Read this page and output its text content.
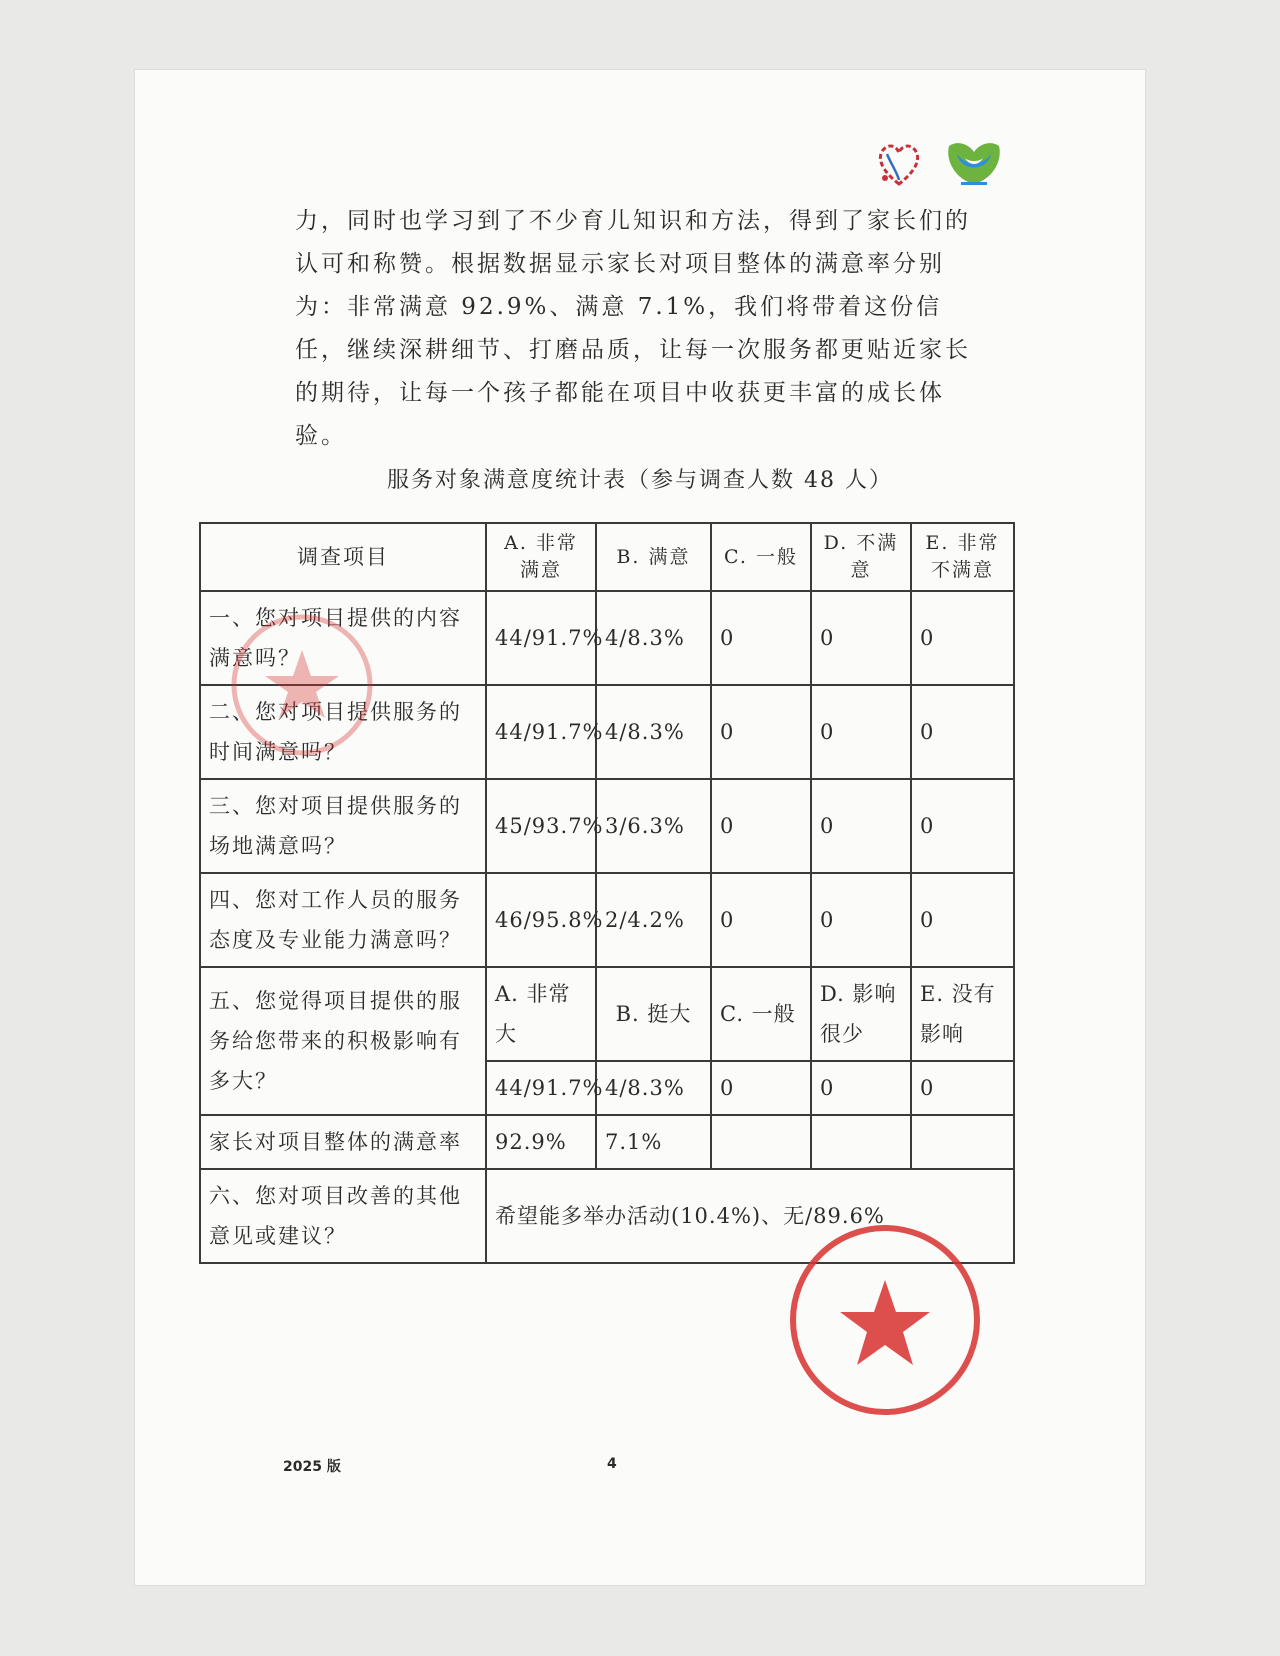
力，同时也学习到了不少育儿知识和方法，得到了家长们的认可和称赞。根据数据显示家长对项目整体的满意率分别为：非常满意 92.9%、满意 7.1%，我们将带着这份信任，继续深耕细节、打磨品质，让每一次服务都更贴近家长的期待，让每一个孩子都能在项目中收获更丰富的成长体验。

服务对象满意度统计表（参与调查人数 48 人）
调查项目	A. 非常满意	B. 满意	C. 一般	D. 不满意	E. 非常不满意
一、您对项目提供的内容满意吗？	44/91.7%	4/8.3%	0	0	0
二、您对项目提供服务的时间满意吗？	44/91.7%	4/8.3%	0	0	0
三、您对项目提供服务的场地满意吗？	45/93.7%	3/6.3%	0	0	0
四、您对工作人员的服务态度及专业能力满意吗？	46/95.8%	2/4.2%	0	0	0
五、您觉得项目提供的服务给您带来的积极影响有多大？	A. 非常大	B. 挺大	C. 一般	D. 影响很少	E. 没有影响
	44/91.7%	4/8.3%	0	0	0
家长对项目整体的满意率	92.9%	7.1%			
六、您对项目改善的其他意见或建议？	希望能多举办活动(10.4%)、无/89.6%				
2025 版	4
